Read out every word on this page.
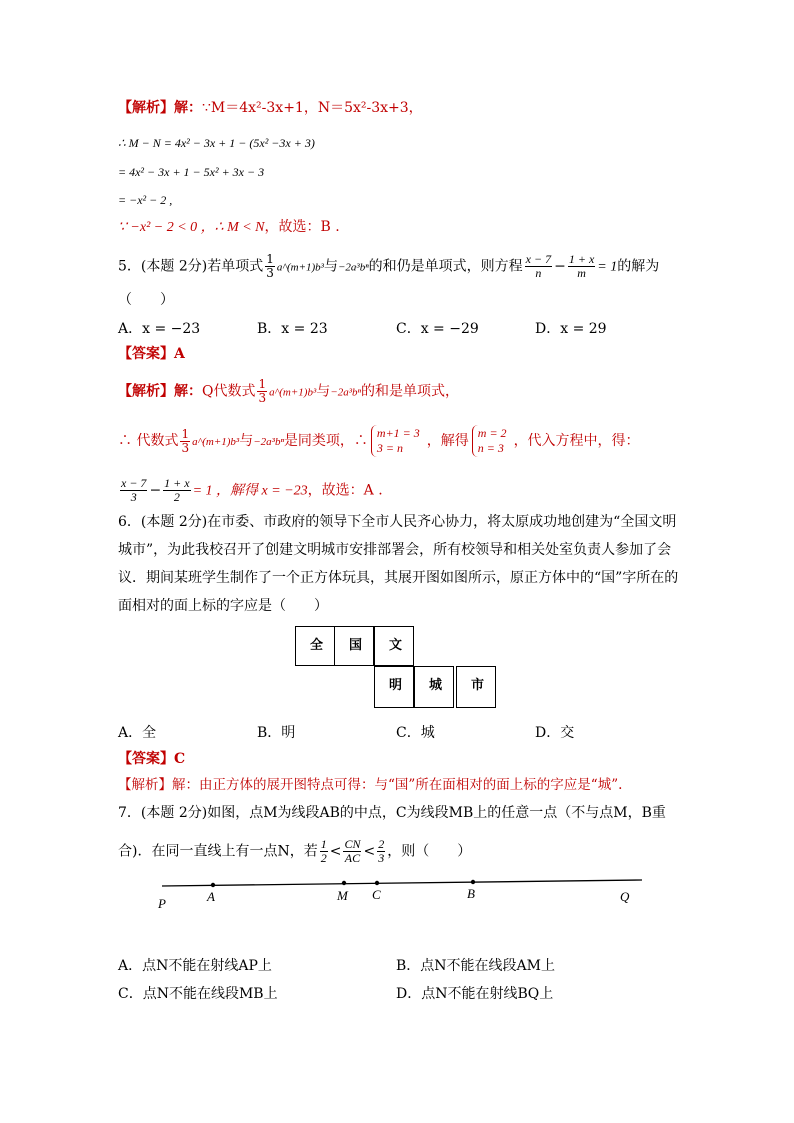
【解析】解：∵M＝4x²-3x+1，N＝5x²-3x+3，
∴ M − N = 4x² − 3x + 1 − (5x² −3x + 3)
= 4x² − 3x + 1 − 5x² + 3x − 3
= −x² − 2 ,
∵ −x² − 2 < 0 ，∴ M < N，故选：B .
5．(本题 2分)若单项式 $\frac{1}{3}$ a^(m+1)b³与−2a³bⁿ的和仍是单项式，则方程 $\frac{x - 7}{n} - \frac{1 + x}{m} = 1$的解为
（　　）
A．x = −23	B．x = 23	C．x = −29	D．x = 29
【答案】A
【解析】解：Q代数式 $\frac{1}{3}$ a^(m+1)b³与−2a³bⁿ的和是单项式，
∴ 代数式 $\frac{1}{3}$ a^(m+1)b³与−2a³bⁿ是同类项，∴ m+1 = 3
3 = n	，解得 m = 2
n = 3 ，代入方程中，得：
$\frac{x - 7}{3} - \frac{1 + x}{2} = 1$ ，解得 x = −23，故选：A .
6．(本题 2分)在市委、市政府的领导下全市人民齐心协力，将太原成功地创建为“全国文明
城市”，为此我校召开了创建文明城市安排部署会，所有校领导和相关处室负责人参加了会
议．期间某班学生制作了一个正方体玩具，其展开图如图所示，原正方体中的“国”字所在的
面相对的面上标的字应是（　　）
全	国	文
明	城	市
A．全	B．明	C．城	D．交
【答案】C
【解析】解：由正方体的展开图特点可得：与“国”所在面相对的面上标的字应是“城”.
7．(本题 2分)如图，点M为线段AB的中点，C为线段MB上的任意一点（不与点M，B重
合)．在同一直线上有一点N，若 $\frac{1}{2} < \frac{CN}{AC} < \frac{2}{3}$ ，则（　　）
P	A	M C	B	Q
A．点N不能在射线AP上	B．点N不能在线段AM上
C．点N不能在线段MB上	D．点N不能在射线BQ上
